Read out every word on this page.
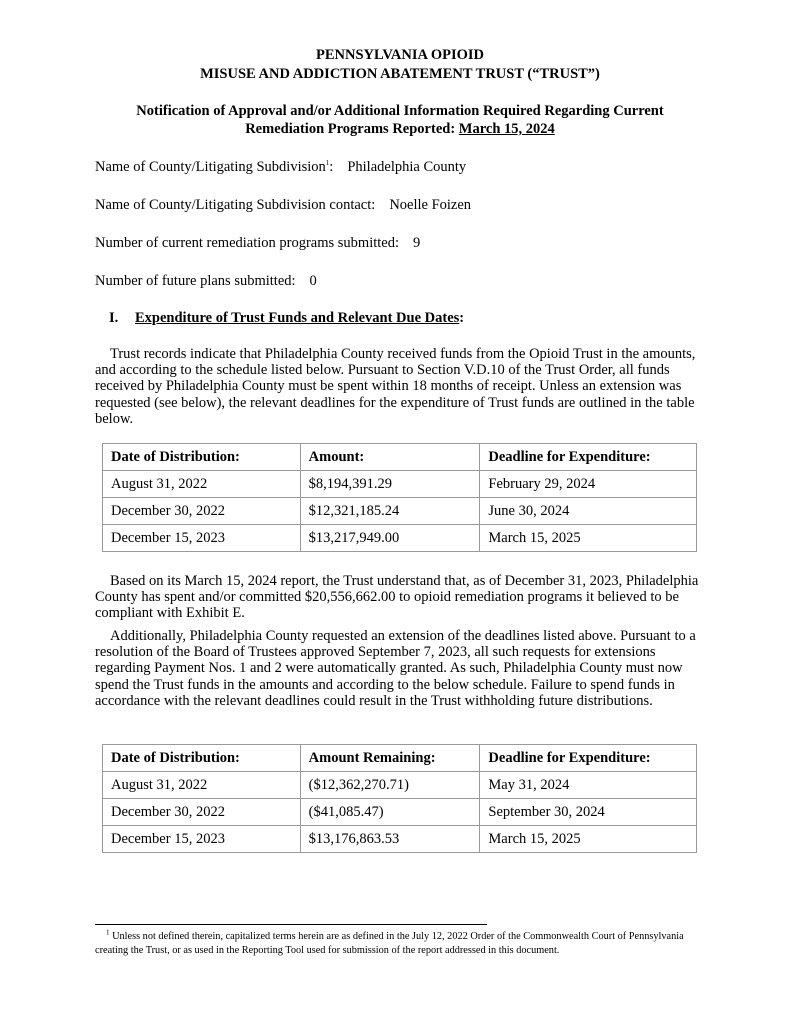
PENNSYLVANIA OPIOID
MISUSE AND ADDICTION ABATEMENT TRUST (“TRUST”)
Notification of Approval and/or Additional Information Required Regarding Current
Remediation Programs Reported: March 15, 2024
Name of County/Litigating Subdivision$^1$: Philadelphia County
Name of County/Litigating Subdivision contact: Noelle Foizen
Number of current remediation programs submitted: 9
Number of future plans submitted: 0
I. Expenditure of Trust Funds and Relevant Due Dates:
Trust records indicate that Philadelphia County received funds from the Opioid Trust in the amounts, and according to the schedule listed below. Pursuant to Section V.D.10 of the Trust Order, all funds received by Philadelphia County must be spent within 18 months of receipt. Unless an extension was requested (see below), the relevant deadlines for the expenditure of Trust funds are outlined in the table below.
Date of Distribution:	Amount:	Deadline for Expenditure:
August 31, 2022	$8,194,391.29	February 29, 2024
December 30, 2022	$12,321,185.24	June 30, 2024
December 15, 2023	$13,217,949.00	March 15, 2025
Based on its March 15, 2024 report, the Trust understand that, as of December 31, 2023, Philadelphia County has spent and/or committed $20,556,662.00 to opioid remediation programs it believed to be compliant with Exhibit E.
Additionally, Philadelphia County requested an extension of the deadlines listed above. Pursuant to a resolution of the Board of Trustees approved September 7, 2023, all such requests for extensions regarding Payment Nos. 1 and 2 were automatically granted. As such, Philadelphia County must now spend the Trust funds in the amounts and according to the below schedule. Failure to spend funds in accordance with the relevant deadlines could result in the Trust withholding future distributions.
Date of Distribution:	Amount Remaining:	Deadline for Expenditure:
August 31, 2022	($12,362,270.71)	May 31, 2024
December 30, 2022	($41,085.47)	September 30, 2024
December 15, 2023	$13,176,863.53	March 15, 2025
$^1$ Unless not defined therein, capitalized terms herein are as defined in the July 12, 2022 Order of the Commonwealth Court of Pennsylvania creating the Trust, or as used in the Reporting Tool used for submission of the report addressed in this document.
